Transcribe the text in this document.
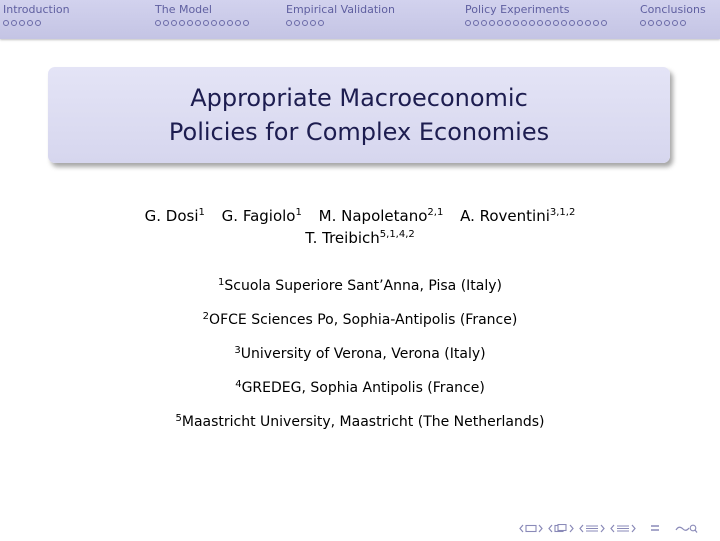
Introduction	The Model	Empirical Validation	Policy Experiments	Conclusions
Appropriate Macroeconomic Policies for Complex Economies
G. Dosi$^1$ G. Fagiolo$^1$ M. Napoletano$^{2,1}$ A. Roventini$^{3,1,2}$
T. Treibich$^{5,1,4,2}$
$^1$Scuola Superiore Sant’Anna, Pisa (Italy)
$^2$OFCE Sciences Po, Sophia-Antipolis (France)
$^3$University of Verona, Verona (Italy)
$^4$GREDEG, Sophia Antipolis (France)
$^5$Maastricht University, Maastricht (The Netherlands)
